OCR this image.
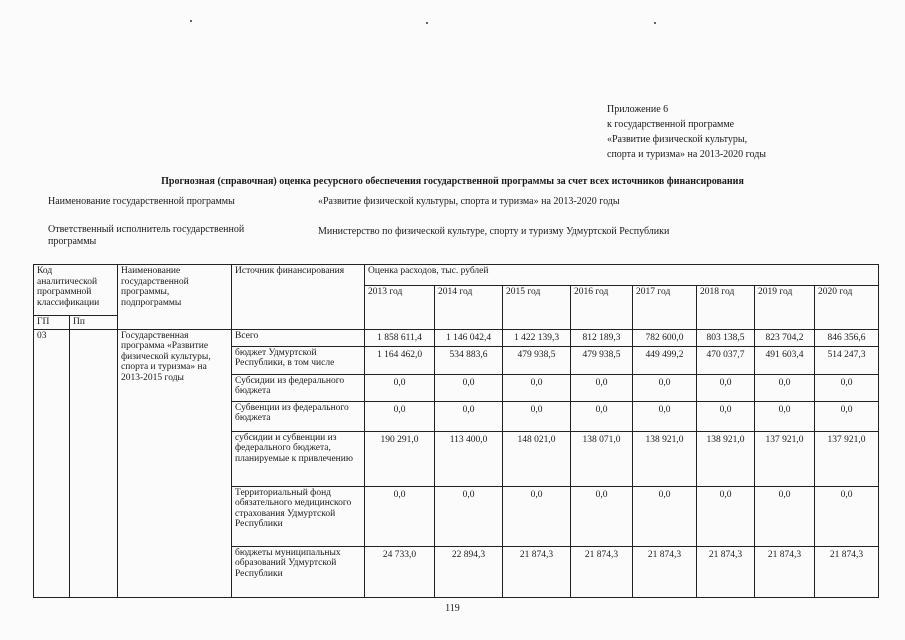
Приложение 6
к государственной программе
«Развитие физической культуры,
спорта и туризма» на 2013-2020 годы
Прогнозная (справочная) оценка ресурсного обеспечения государственной программы за счет всех источников финансирования
Наименование государственной программы	«Развитие физической культуры, спорта и туризма» на 2013-2020 годы
Ответственный исполнитель государственной программы
Министерство по физической культуре, спорту и туризму Удмуртской Республики
Код аналитической программной классификации		Наименование государственной программы, подпрограммы	Источник финансирования	Оценка расходов, тыс. рублей							
				2013 год	2014 год	2015 год	2016 год	2017 год	2018 год	2019 год	2020 год
ГП	Пп										
03		Государственная программа «Развитие физической культуры, спорта и туризма» на 2013-2015 годы	Всего	1 858 611,4	1 146 042,4	1 422 139,3	812 189,3	782 600,0	803 138,5	823 704,2	846 356,6
			бюджет Удмуртской Республики, в том числе	1 164 462,0	534 883,6	479 938,5	479 938,5	449 499,2	470 037,7	491 603,4	514 247,3
			Субсидии из федерального бюджета	0,0	0,0	0,0	0,0	0,0	0,0	0,0	0,0
			Субвенции из федерального бюджета	0,0	0,0	0,0	0,0	0,0	0,0	0,0	0,0
			субсидии и субвенции из федерального бюджета, планируемые к привлечению	190 291,0	113 400,0	148 021,0	138 071,0	138 921,0	138 921,0	137 921,0	137 921,0
			Территориальный фонд обязательного медицинского страхования Удмуртской Республики	0,0	0,0	0,0	0,0	0,0	0,0	0,0	0,0
			бюджеты муниципальных образований Удмуртской Республики	24 733,0	22 894,3	21 874,3	21 874,3	21 874,3	21 874,3	21 874,3	21 874,3
119
